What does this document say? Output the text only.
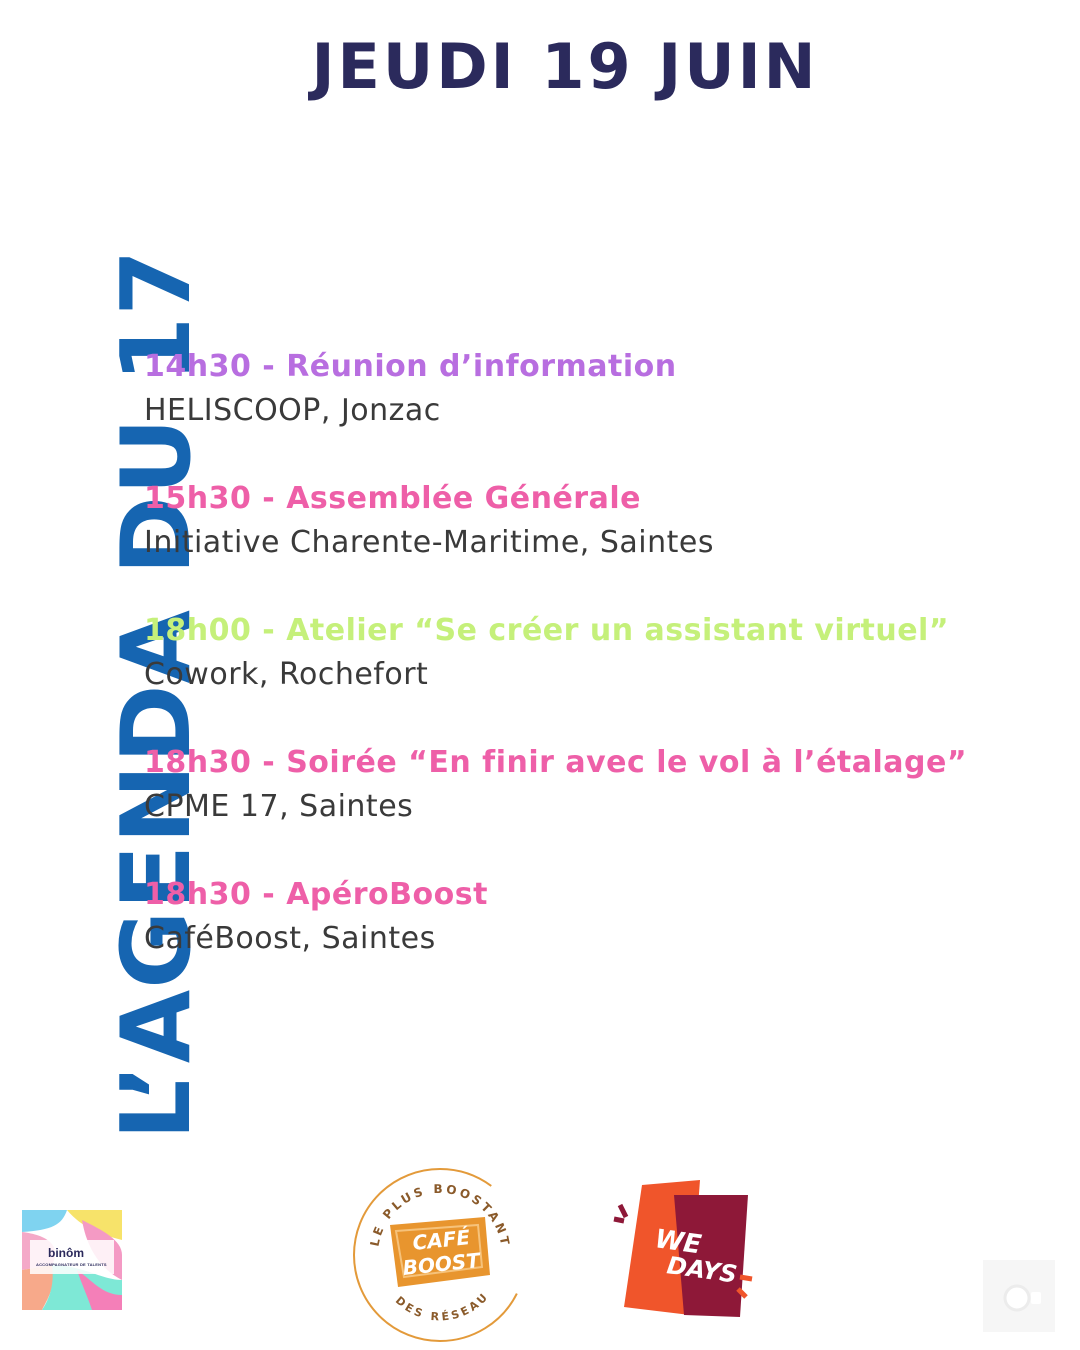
JEUDI 19 JUIN
L’AGENDA DU 17
14h30 - Réunion d’information
HELISCOOP, Jonzac
15h30 - Assemblée Générale
Initiative Charente-Maritime, Saintes
18h00 - Atelier “Se créer un assistant virtuel”
Cowork, Rochefort
18h30 - Soirée “En finir avec le vol à l’étalage”
CPME 17, Saintes
18h30 - ApéroBoost
CaféBoost, Saintes
binôm
ACCOMPAGNATEUR DE TALENTS
LE PLUS BOOSTANT
DES RÉSEAU
CAFÉ
BOOST
WE
DAYS
